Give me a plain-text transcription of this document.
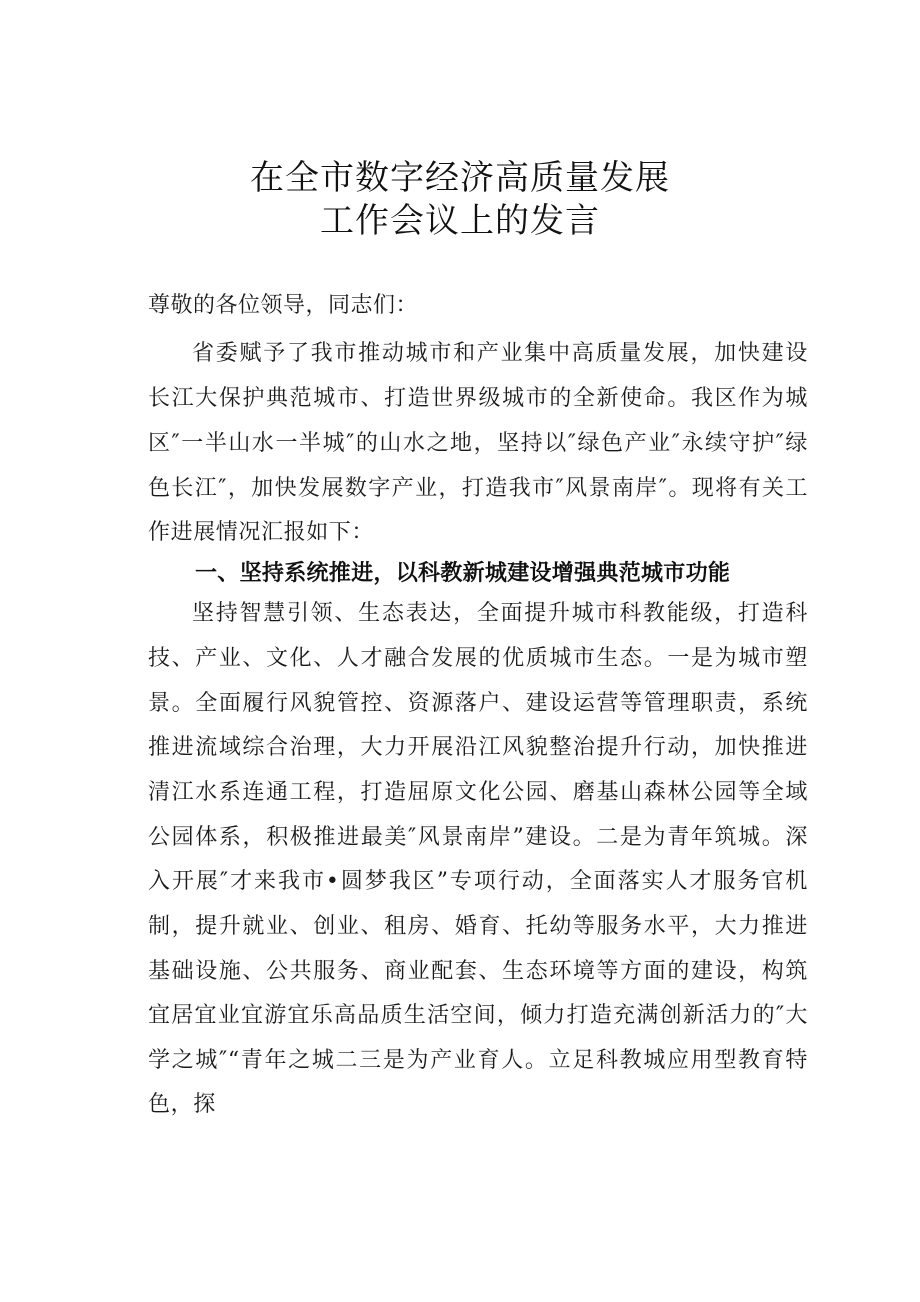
在全市数字经济高质量发展
工作会议上的发言
尊敬的各位领导，同志们：
省委赋予了我市推动城市和产业集中高质量发展，加快建设
长江大保护典范城市、打造世界级城市的全新使命。我区作为城
区″一半山水一半城″的山水之地，坚持以″绿色产业″永续守护″绿
色长江″，加快发展数字产业，打造我市″风景南岸″。现将有关工
作进展情况汇报如下：
一、坚持系统推进，以科教新城建设增强典范城市功能
坚持智慧引领、生态表达，全面提升城市科教能级，打造科
技、产业、文化、人才融合发展的优质城市生态。一是为城市塑
景。全面履行风貌管控、资源落户、建设运营等管理职责，系统
推进流域综合治理，大力开展沿江风貌整治提升行动，加快推进
清江水系连通工程，打造屈原文化公园、磨基山森林公园等全域
公园体系，积极推进最美″风景南岸”建设。二是为青年筑城。深
入开展″才来我市•圆梦我区”专项行动，全面落实人才服务官机
制，提升就业、创业、租房、婚育、托幼等服务水平，大力推进
基础设施、公共服务、商业配套、生态环境等方面的建设，构筑
宜居宜业宜游宜乐高品质生活空间，倾力打造充满创新活力的″大
学之城″“青年之城二三是为产业育人。立足科教城应用型教育特
色，探
